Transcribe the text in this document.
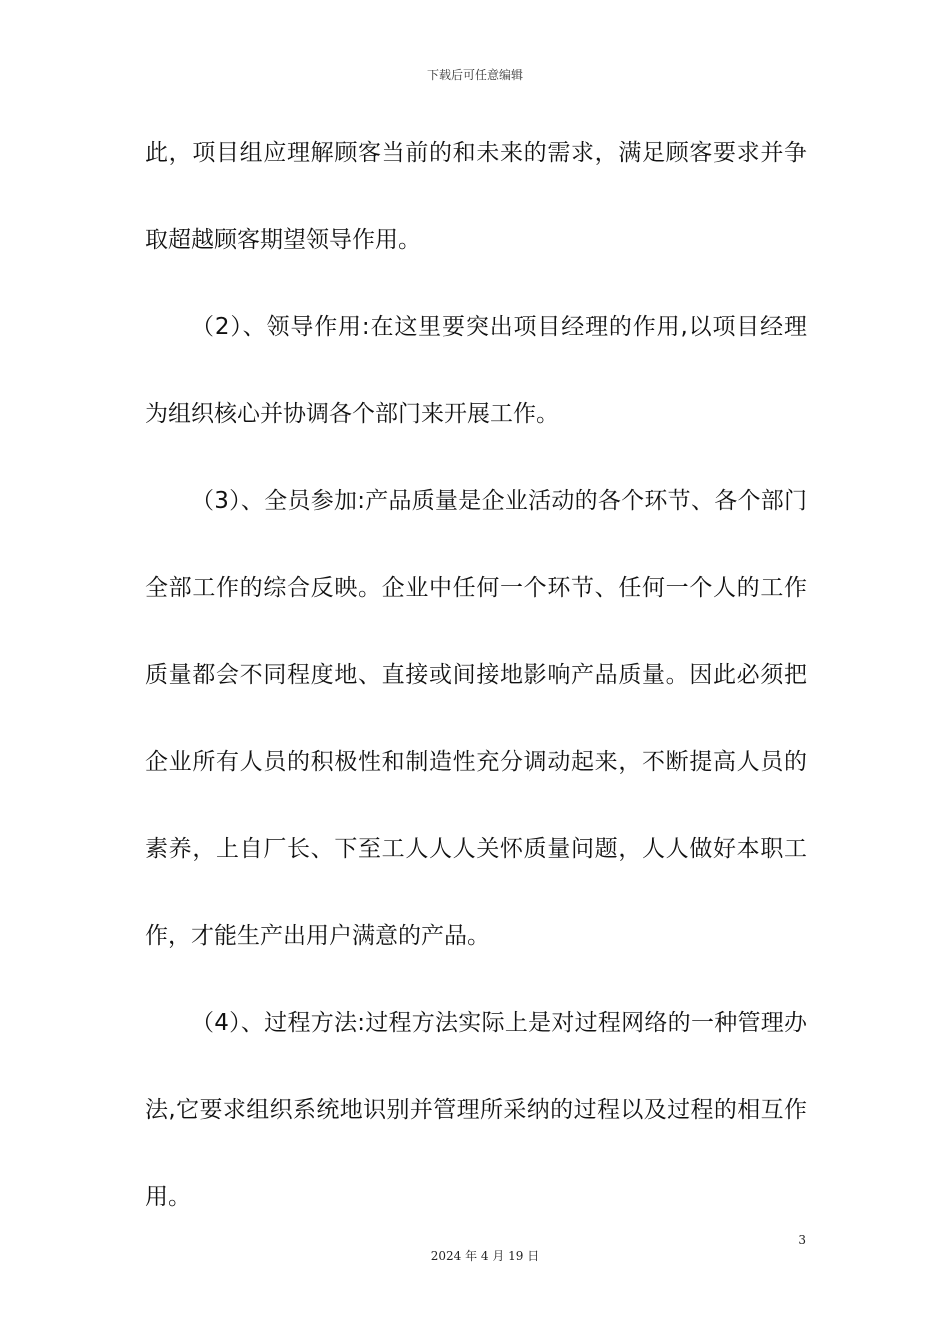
下载后可任意编辑
此，项目组应理解顾客当前的和未来的需求，满足顾客要求并争
取超越顾客期望领导作用。
（2）、领导作用:在这里要突出项目经理的作用,以项目经理
为组织核心并协调各个部门来开展工作。
（3）、全员参加:产品质量是企业活动的各个环节、各个部门
全部工作的综合反映。企业中任何一个环节、任何一个人的工作
质量都会不同程度地、直接或间接地影响产品质量。因此必须把
企业所有人员的积极性和制造性充分调动起来，不断提高人员的
素养，上自厂长、下至工人人人关怀质量问题，人人做好本职工
作，才能生产出用户满意的产品。
（4）、过程方法:过程方法实际上是对过程网络的一种管理办
法,它要求组织系统地识别并管理所采纳的过程以及过程的相互作
用。
3
2024 年 4 月 19 日
